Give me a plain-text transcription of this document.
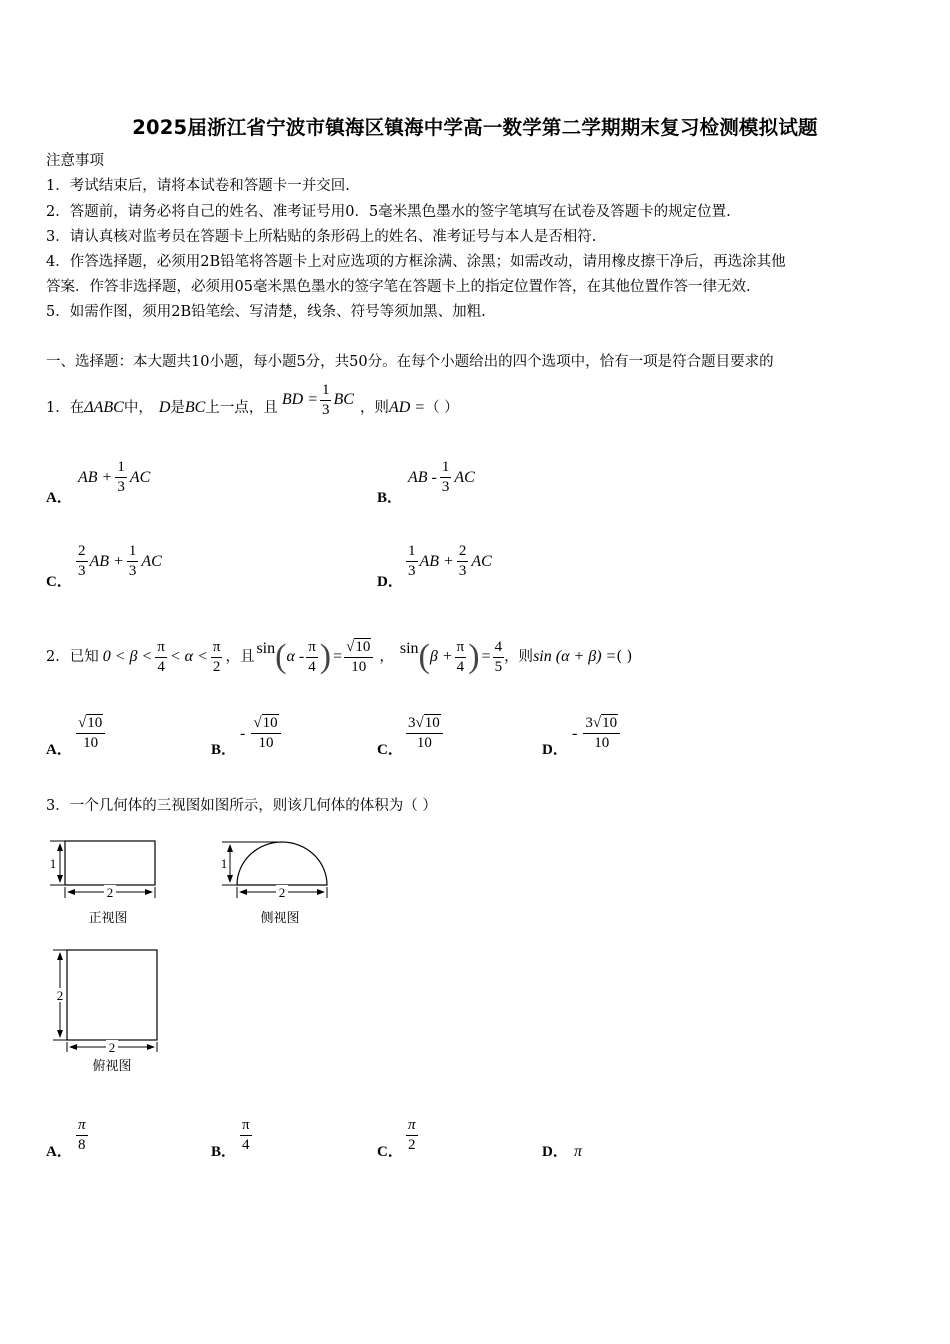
2025届浙江省宁波市镇海区镇海中学高一数学第二学期期末复习检测模拟试题
注意事项
1．考试结束后，请将本试卷和答题卡一并交回.
2．答题前，请务必将自己的姓名、准考证号用0．5毫米黑色墨水的签字笔填写在试卷及答题卡的规定位置.
3．请认真核对监考员在答题卡上所粘贴的条形码上的姓名、准考证号与本人是否相符.
4．作答选择题，必须用2B铅笔将答题卡上对应选项的方框涂满、涂黑；如需改动，请用橡皮擦干净后，再选涂其他
答案．作答非选择题，必须用05毫米黑色墨水的签字笔在答题卡上的指定位置作答，在其他位置作答一律无效.
5．如需作图，须用2B铅笔绘、写清楚，线条、符号等须加黑、加粗.
一、选择题：本大题共10小题，每小题5分，共50分。在每个小题给出的四个选项中，恰有一项是符合题目要求的
1． 在 ΔABC 中， D 是 BC 上一点，且 BD = $\frac{1}{3}$ BC ，则 AD = （ ）
A．
AB + $\frac{1}{3}$ AC
B．
AB - $\frac{1}{3}$ AC
C．
$\frac{2}{3}$ AB + $\frac{1}{3}$ AC
D．
$\frac{1}{3}$ AB + $\frac{2}{3}$ AC
2． 已知 $0 < \beta < \frac{\pi}{4} < \alpha < \frac{\pi}{2}$ ，且 sin ( α - $\frac{\pi}{4}$ ) = $\frac{√10}{10}$ ， sin ( $\beta + \frac{\pi}{4}$ ) = $\frac{4}{5}$ ，则 sin (α + β) = ( )
A． $\frac{√10}{10}$	B．
- $\frac{√10}{10}$	C． $\frac{3√10}{10}$	D．
- $\frac{3√10}{10}$
3．一个几何体的三视图如图所示，则该几何体的体积为（ ）
1
2
正视图
1
2
侧视图
2
2
俯视图
A． $\frac{\pi}{8}$	B． $\frac{\pi}{4}$	C． $\frac{\pi}{2}$	D． π
